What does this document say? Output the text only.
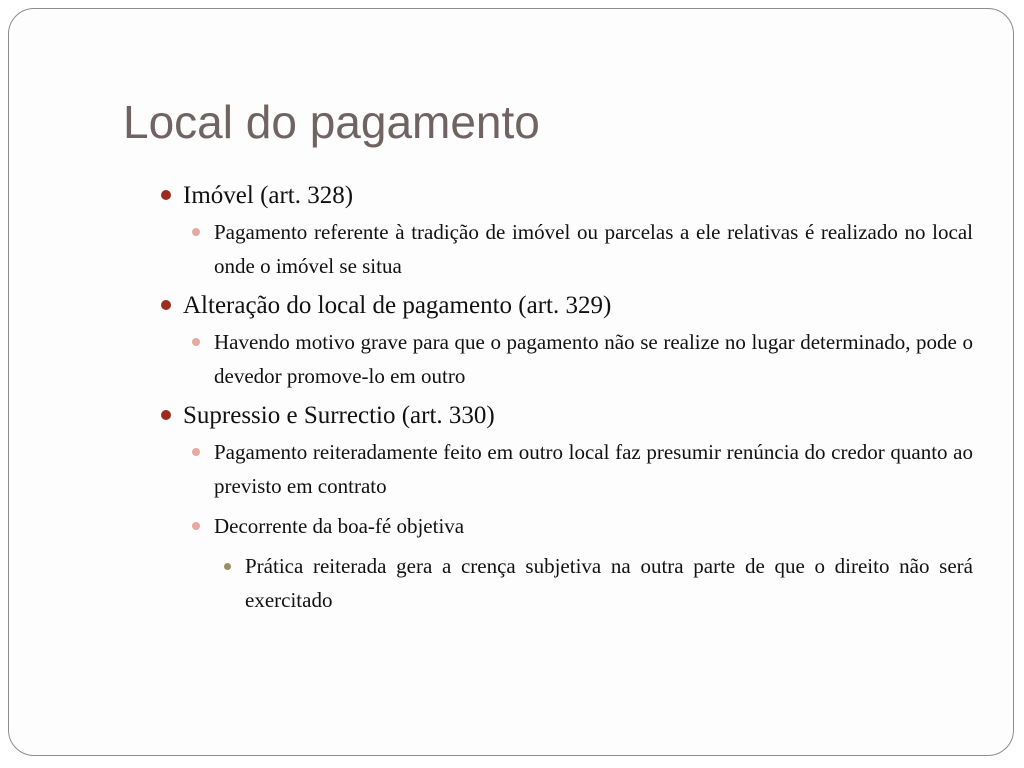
Local do pagamento
Imóvel (art. 328)
Pagamento referente à tradição de imóvel ou parcelas a ele relativas é realizado no local onde o imóvel se situa
Alteração do local de pagamento (art. 329)
Havendo motivo grave para que o pagamento não se realize no lugar determinado, pode o devedor promove-lo em outro
Supressio e Surrectio (art. 330)
Pagamento reiteradamente feito em outro local faz presumir renúncia do credor quanto ao previsto em contrato
Decorrente da boa-fé objetiva
Prática reiterada gera a crença subjetiva na outra parte de que o direito não será exercitado
